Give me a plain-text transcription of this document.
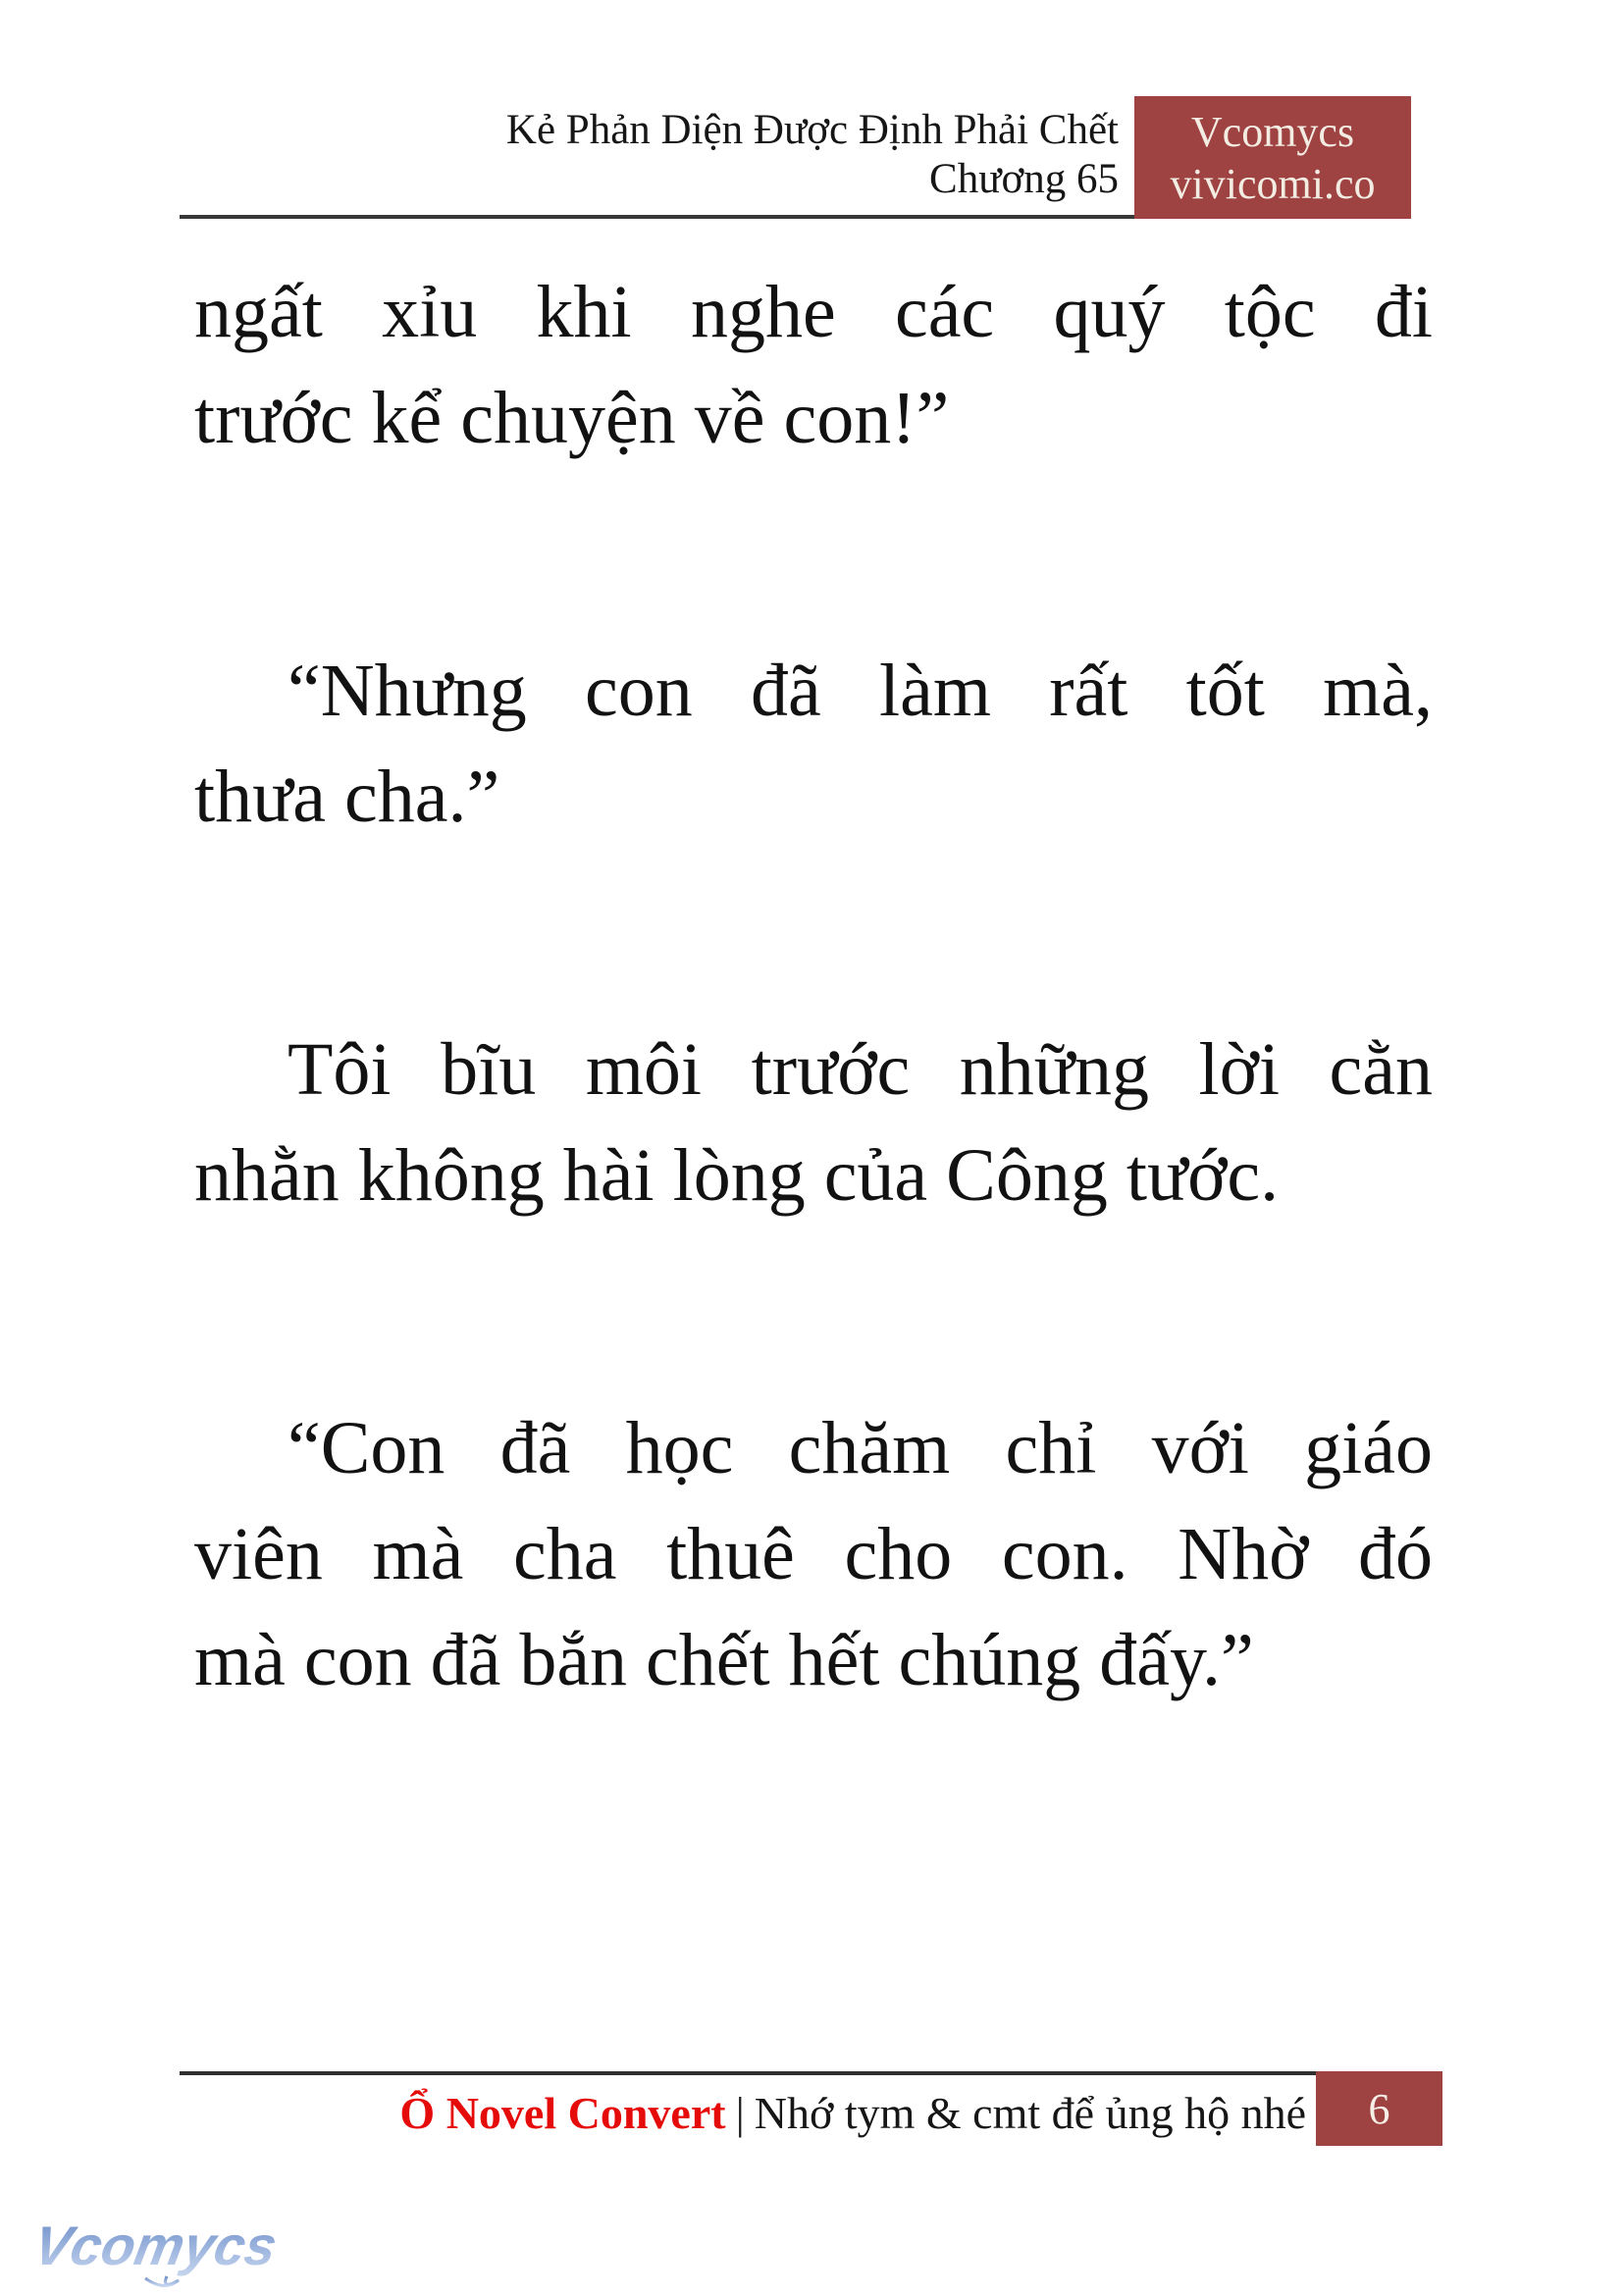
Kẻ Phản Diện Được Định Phải Chết
Chương 65
Vcomycs
vivicomi.co
ngất xỉu khi nghe các quý tộc đi
trước kể chuyện về con!”
“Nhưng con đã làm rất tốt mà,
thưa cha.”
Tôi bĩu môi trước những lời cằn
nhằn không hài lòng của Công tước.
“Con đã học chăm chỉ với giáo
viên mà cha thuê cho con. Nhờ đó
mà con đã bắn chết hết chúng đấy.”
Ổ Novel Convert | Nhớ tym & cmt để ủng hộ nhé 6
Vcomycs
